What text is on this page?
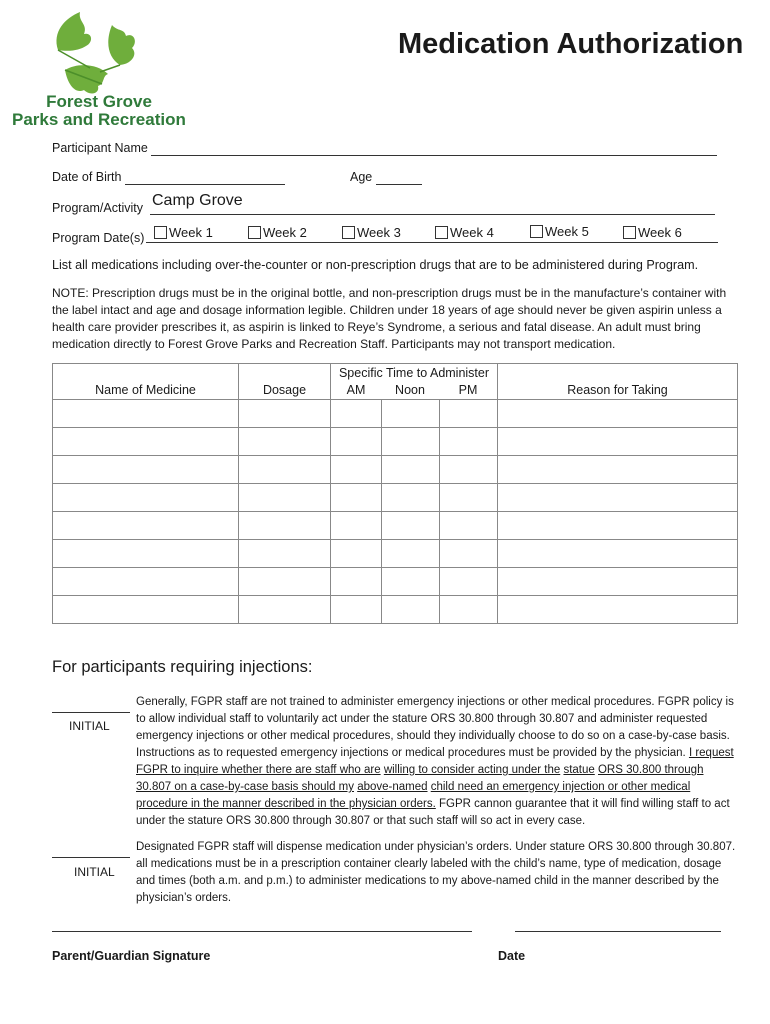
Forest Grove
Parks and Recreation
Medication Authorization
Participant Name
Date of Birth	Age
Program/Activity Camp Grove
Program Date(s) Week 1	Week 2	Week 3	Week 4	Week 5	Week 6
List all medications including over-the-counter or non-prescription drugs that are to be administered during Program.
NOTE: Prescription drugs must be in the original bottle, and non-prescription drugs must be in the manufacture’s container with the label intact and age and dosage information legible. Children under 18 years of age should never be given aspirin unless a health care provider prescribes it, as aspirin is linked to Reye’s Syndrome, a serious and fatal disease. An adult must bring medication directly to Forest Grove Parks and Recreation Staff. Participants may not transport medication.
Name of Medicine	Dosage	Specific Time to Administer			Reason for Taking
		AM	Noon	PM	

For participants requiring injections:
INITIAL
Generally, FGPR staff are not trained to administer emergency injections or other medical procedures. FGPR policy is to allow individual staff to voluntarily act under the stature ORS 30.800 through 30.807 and administer requested emergency injections or other medical procedures, should they individually choose to do so on a case-by-case basis. Instructions as to requested emergency injections or medical procedures must be provided by the physician. I request FGPR to inquire whether there are staff who are willing to consider acting under the statue ORS 30.800 through 30.807 on a case-by-case basis should my above-named child need an emergency injection or other medical procedure in the manner described in the physician orders. FGPR cannon guarantee that it will find willing staff to act under the stature ORS 30.800 through 30.807 or that such staff will so act in every case.
INITIAL
Designated FGPR staff will dispense medication under physician’s orders. Under stature ORS 30.800 through 30.807. all medications must be in a prescription container clearly labeled with the child’s name, type of medication, dosage and times (both a.m. and p.m.) to administer medications to my above-named child in the manner described by the physician’s orders.
Parent/Guardian Signature	Date
